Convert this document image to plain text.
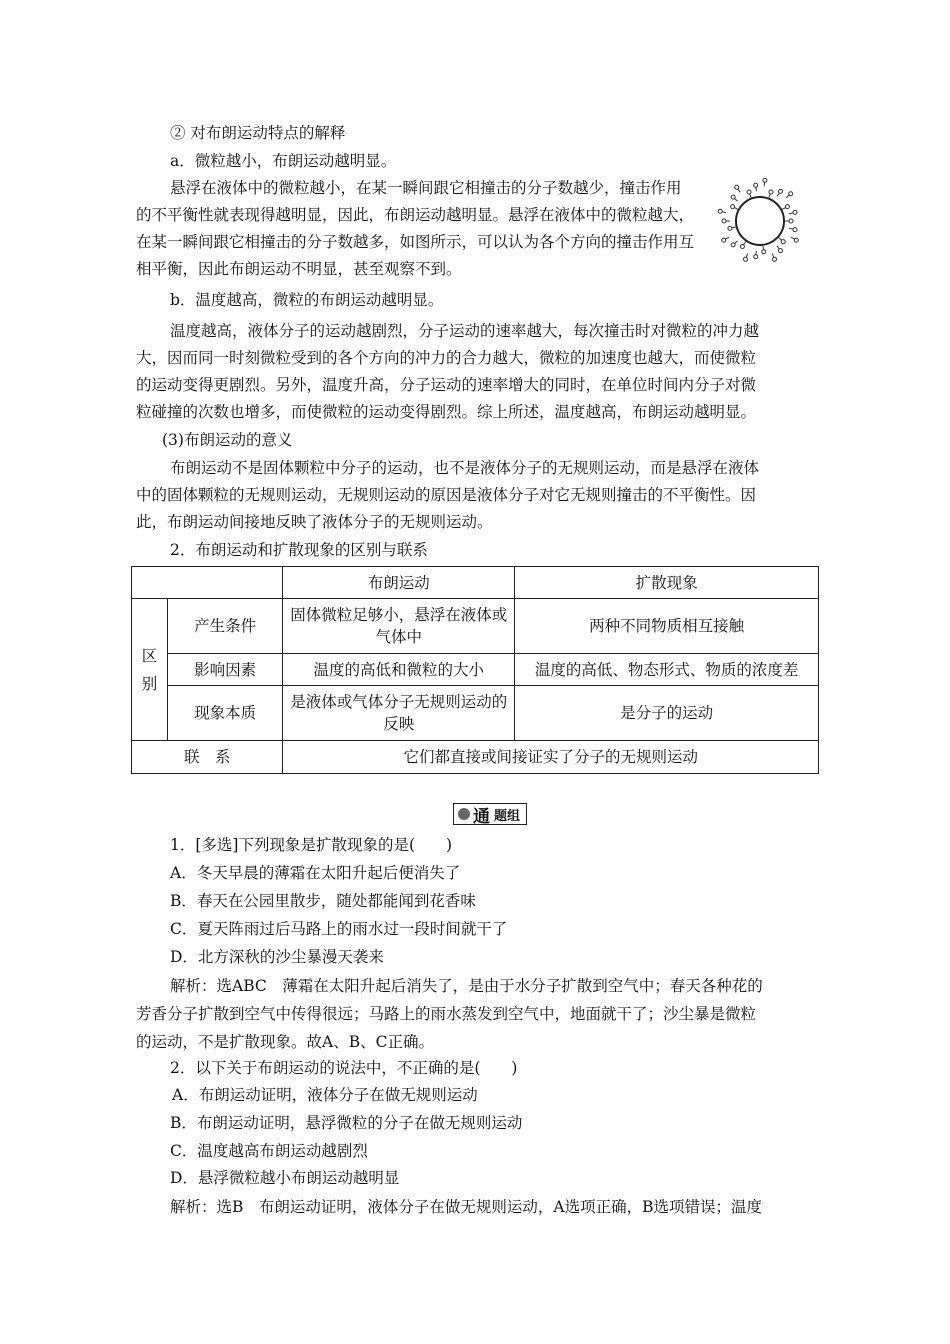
② 对布朗运动特点的解释
a．微粒越小，布朗运动越明显。
悬浮在液体中的微粒越小，在某一瞬间跟它相撞击的分子数越少，撞击作用的不平衡性就表现得越明显，因此，布朗运动越明显。悬浮在液体中的微粒越大，在某一瞬间跟它相撞击的分子数越多，如图所示，可以认为各个方向的撞击作用互相平衡，因此布朗运动不明显，甚至观察不到。
b．温度越高，微粒的布朗运动越明显。
温度越高，液体分子的运动越剧烈，分子运动的速率越大，每次撞击时对微粒的冲力越
大，因而同一时刻微粒受到的各个方向的冲力的合力越大，微粒的加速度也越大，而使微粒
的运动变得更剧烈。另外，温度升高，分子运动的速率增大的同时，在单位时间内分子对微
粒碰撞的次数也增多，而使微粒的运动变得剧烈。综上所述，温度越高，布朗运动越明显。
(3)布朗运动的意义
布朗运动不是固体颗粒中分子的运动，也不是液体分子的无规则运动，而是悬浮在液体
中的固体颗粒的无规则运动，无规则运动的原因是液体分子对它无规则撞击的不平衡性。因
此，布朗运动间接地反映了液体分子的无规则运动。
2．布朗运动和扩散现象的区别与联系
		布朗运动	扩散现象
区
别	产生条件	固体微粒足够小，悬浮在液体或气体中	两种不同物质相互接触
	影响因素	温度的高低和微粒的大小	温度的高低、物态形式、物质的浓度差
	现象本质	是液体或气体分子无规则运动的反映	是分子的运动
联　系		它们都直接或间接证实了分子的无规则运动	
通 题组
1．[多选]下列现象是扩散现象的是(　　)
A．冬天早晨的薄霜在太阳升起后便消失了
B．春天在公园里散步，随处都能闻到花香味
C．夏天阵雨过后马路上的雨水过一段时间就干了
D．北方深秋的沙尘暴漫天袭来
解析：选ABC　薄霜在太阳升起后消失了，是由于水分子扩散到空气中；春天各种花的
芳香分子扩散到空气中传得很远；马路上的雨水蒸发到空气中，地面就干了；沙尘暴是微粒
的运动，不是扩散现象。故A、B、C正确。
2．以下关于布朗运动的说法中，不正确的是(　　)
A．布朗运动证明，液体分子在做无规则运动
B．布朗运动证明，悬浮微粒的分子在做无规则运动
C．温度越高布朗运动越剧烈
D．悬浮微粒越小布朗运动越明显
解析：选B　布朗运动证明，液体分子在做无规则运动，A选项正确，B选项错误；温度
